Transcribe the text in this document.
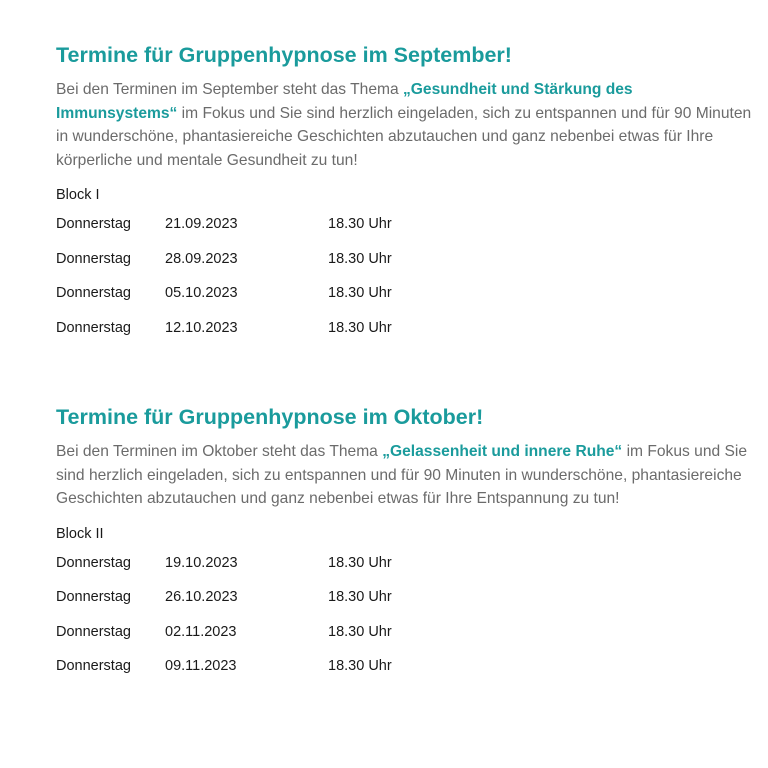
Termine für Gruppenhypnose im September!

Bei den Terminen im September steht das Thema „Gesundheit und Stärkung des Immunsystems“ im Fokus und Sie sind herzlich eingeladen, sich zu entspannen und für 90 Minuten in wunderschöne, phantasiereiche Geschichten abzutauchen und ganz nebenbei etwas für Ihre körperliche und mentale Gesundheit zu tun!

Block I
Donnerstag 21.09.2023	18.30 Uhr
Donnerstag 28.09.2023	18.30 Uhr
Donnerstag 05.10.2023	18.30 Uhr
Donnerstag 12.10.2023	18.30 Uhr
Termine für Gruppenhypnose im Oktober!

Bei den Terminen im Oktober steht das Thema „Gelassenheit und innere Ruhe“ im Fokus und Sie sind herzlich eingeladen, sich zu entspannen und für 90 Minuten in wunderschöne, phantasiereiche Geschichten abzutauchen und ganz nebenbei etwas für Ihre Entspannung zu tun!

Block II
Donnerstag 19.10.2023	18.30 Uhr
Donnerstag 26.10.2023	18.30 Uhr
Donnerstag 02.11.2023	18.30 Uhr
Donnerstag 09.11.2023	18.30 Uhr
